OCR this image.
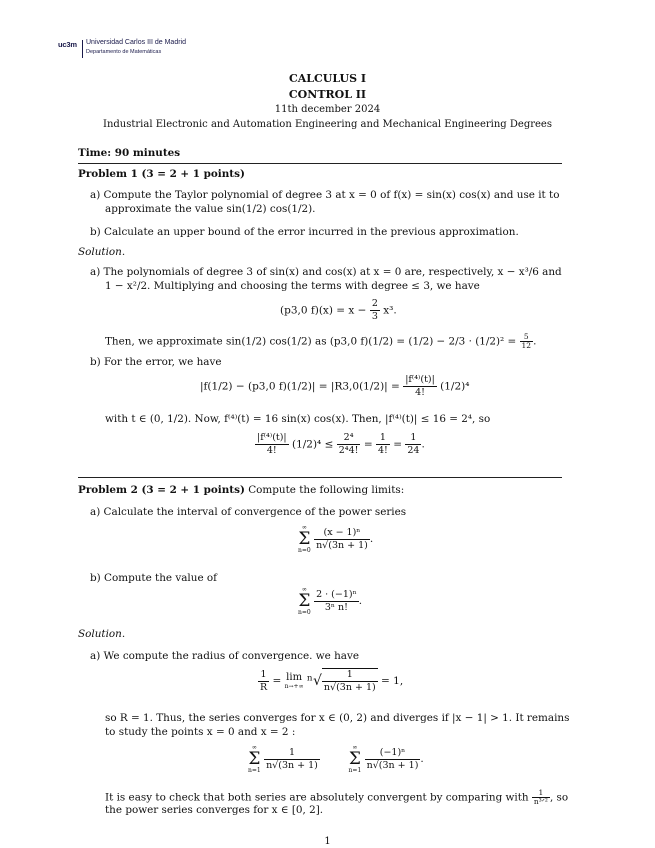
uc3m Universidad Carlos III de Madrid
Departamento de Matemáticas
CALCULUS I
CONTROL II
11th december 2024
Industrial Electronic and Automation Engineering and Mechanical Engineering Degrees
Time: 90 minutes
Problem 1 (3 = 2 + 1 points)
a) Compute the Taylor polynomial of degree 3 at x = 0 of f(x) = sin(x) cos(x) and use it to
approximate the value sin(1/2) cos(1/2).
b) Calculate an upper bound of the error incurred in the previous approximation.
Solution.
a) The polynomials of degree 3 of sin(x) and cos(x) at x = 0 are, respectively, x − x³/6 and
1 − x²/2. Multiplying and choosing the terms with degree ≤ 3, we have
(p3,0 $f)(x) = x - \frac{2}{3} x^3$.
Then, we approximate sin(1/2) cos(1/2) as (p3,0 $f)(1/2) = (1/2) - 2/3 \cdot (1/2)^2 = \frac{5}{12}$ .
b) For the error, we have
|f(1/2) − (p3,0 $f)(1/2)| = |R3,0(1/2)| = \frac{\text{|f⁽⁴⁾(t)|}}{4!} (1/2)^4$
with t ∈ (0, 1/2). Now, f⁽⁴⁾(t) = 16 sin(x) cos(x). Then, |f⁽⁴⁾(t)| ≤ 16 = 2⁴, so
$\frac{\text{|f⁽⁴⁾(t)|}}{4!} (1/2)^4 \le \frac{\text{2⁴}}{\text{2⁴4!}} = \frac{1}{4!} = \frac{1}{24}$ .
Problem 2 (3 = 2 + 1 points) Compute the following limits:
a) Calculate the interval of convergence of the power series
∞
Σ
$n=0 \frac{\text{(x − 1)ⁿ}}{n√(3n + 1)}$ .
b) Compute the value of
∞
Σ
$n=0 \frac{\text{2 · (−1)ⁿ}}{\text{3ⁿ n!}}$ .
Solution.
a) We compute the radius of convergence. we have
$\frac{1}{R} = \lim$
n→+∞ $^n√ \frac{1}{n√(3n + 1)} = 1$,
so R = 1. Thus, the series converges for x ∈ (0, 2) and diverges if |x − 1| > 1. It remains
to study the points x = 0 and x = 2 :
∞
Σ
$n=1 \frac{1}{n√(3n + 1)}$	∞
Σ
$n=1 \frac{\text{(−1)ⁿ}}{n√(3n + 1)}$ .
It is easy to check that both series are absolutely convergent by comparing with $\frac{1}{\text{n³ᐟ²}}$ , so
the power series converges for x ∈ [0, 2].
1
